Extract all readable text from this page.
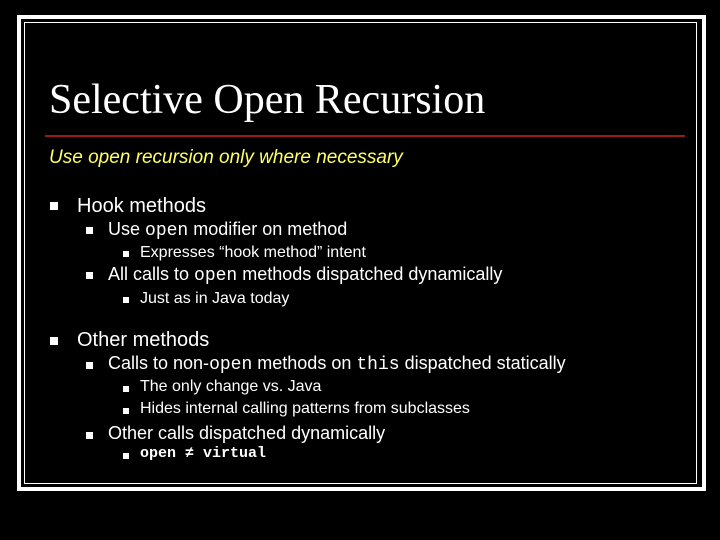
Selective Open Recursion
Use open recursion only where necessary
Hook methods
Use open modifier on method
Expresses “hook method” intent
All calls to open methods dispatched dynamically
Just as in Java today
Other methods
Calls to non-open methods on this dispatched statically
The only change vs. Java
Hides internal calling patterns from subclasses
Other calls dispatched dynamically
open ≠ virtual
